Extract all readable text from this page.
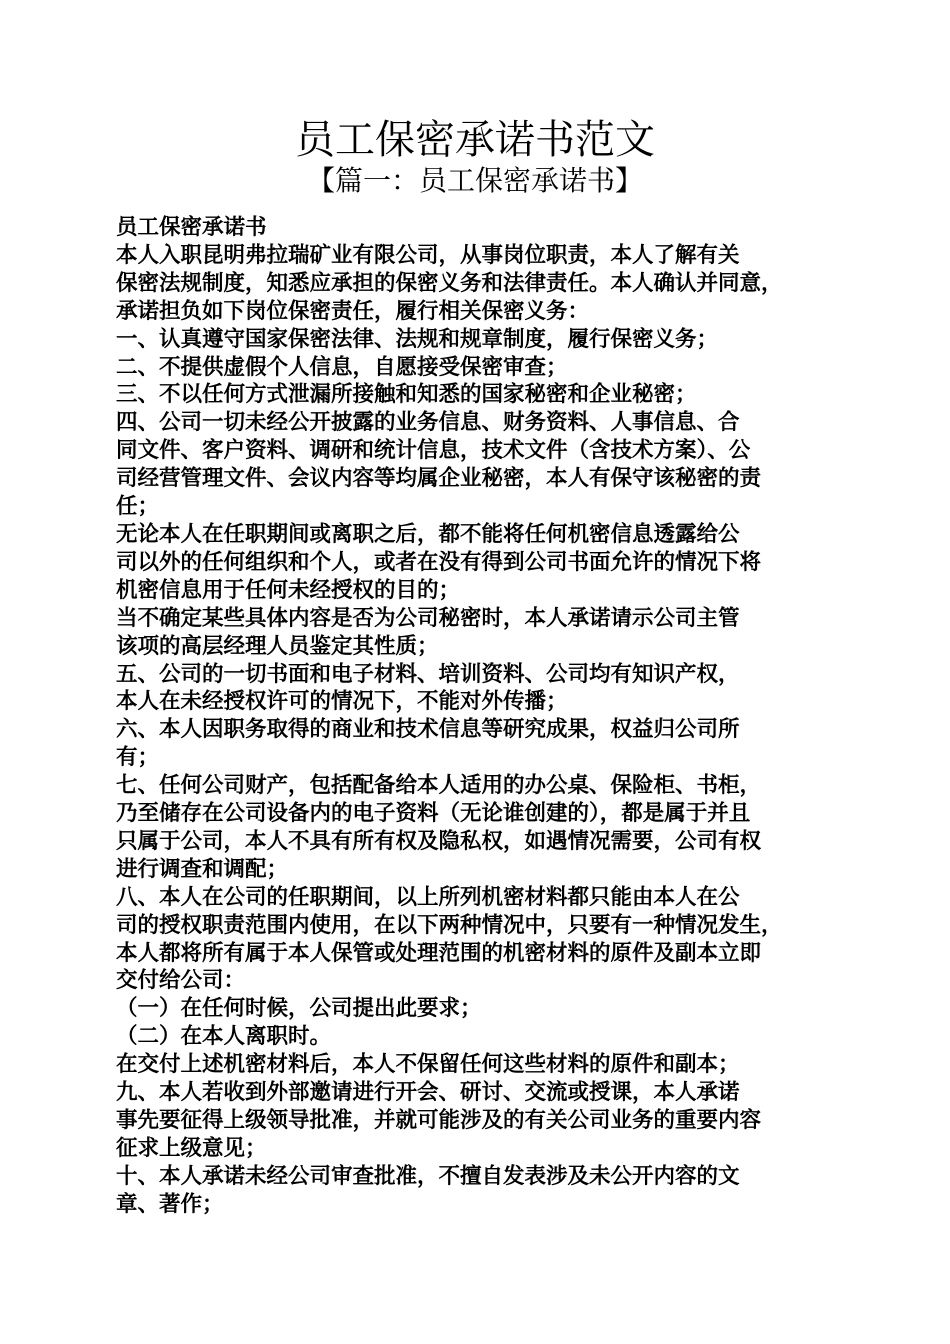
员工保密承诺书范文
【篇一：员工保密承诺书】
员工保密承诺书
本人入职昆明弗拉瑞矿业有限公司，从事岗位职责，本人了解有关
保密法规制度，知悉应承担的保密义务和法律责任。本人确认并同意，
承诺担负如下岗位保密责任，履行相关保密义务：
一、认真遵守国家保密法律、法规和规章制度，履行保密义务；
二、不提供虚假个人信息，自愿接受保密审查；
三、不以任何方式泄漏所接触和知悉的国家秘密和企业秘密；
四、公司一切未经公开披露的业务信息、财务资料、人事信息、合
同文件、客户资料、调研和统计信息，技术文件（含技术方案）、公
司经营管理文件、会议内容等均属企业秘密，本人有保守该秘密的责
任；
无论本人在任职期间或离职之后，都不能将任何机密信息透露给公
司以外的任何组织和个人，或者在没有得到公司书面允许的情况下将
机密信息用于任何未经授权的目的；
当不确定某些具体内容是否为公司秘密时，本人承诺请示公司主管
该项的高层经理人员鉴定其性质；
五、公司的一切书面和电子材料、培训资料、公司均有知识产权，
本人在未经授权许可的情况下，不能对外传播；
六、本人因职务取得的商业和技术信息等研究成果，权益归公司所
有；
七、任何公司财产，包括配备给本人适用的办公桌、保险柜、书柜，
乃至储存在公司设备内的电子资料（无论谁创建的），都是属于并且
只属于公司，本人不具有所有权及隐私权，如遇情况需要，公司有权
进行调查和调配；
八、本人在公司的任职期间，以上所列机密材料都只能由本人在公
司的授权职责范围内使用，在以下两种情况中，只要有一种情况发生，
本人都将所有属于本人保管或处理范围的机密材料的原件及副本立即
交付给公司：
（一）在任何时候，公司提出此要求；
（二）在本人离职时。
在交付上述机密材料后，本人不保留任何这些材料的原件和副本；
九、本人若收到外部邀请进行开会、研讨、交流或授课，本人承诺
事先要征得上级领导批准，并就可能涉及的有关公司业务的重要内容
征求上级意见；
十、本人承诺未经公司审查批准，不擅自发表涉及未公开内容的文
章、著作；
